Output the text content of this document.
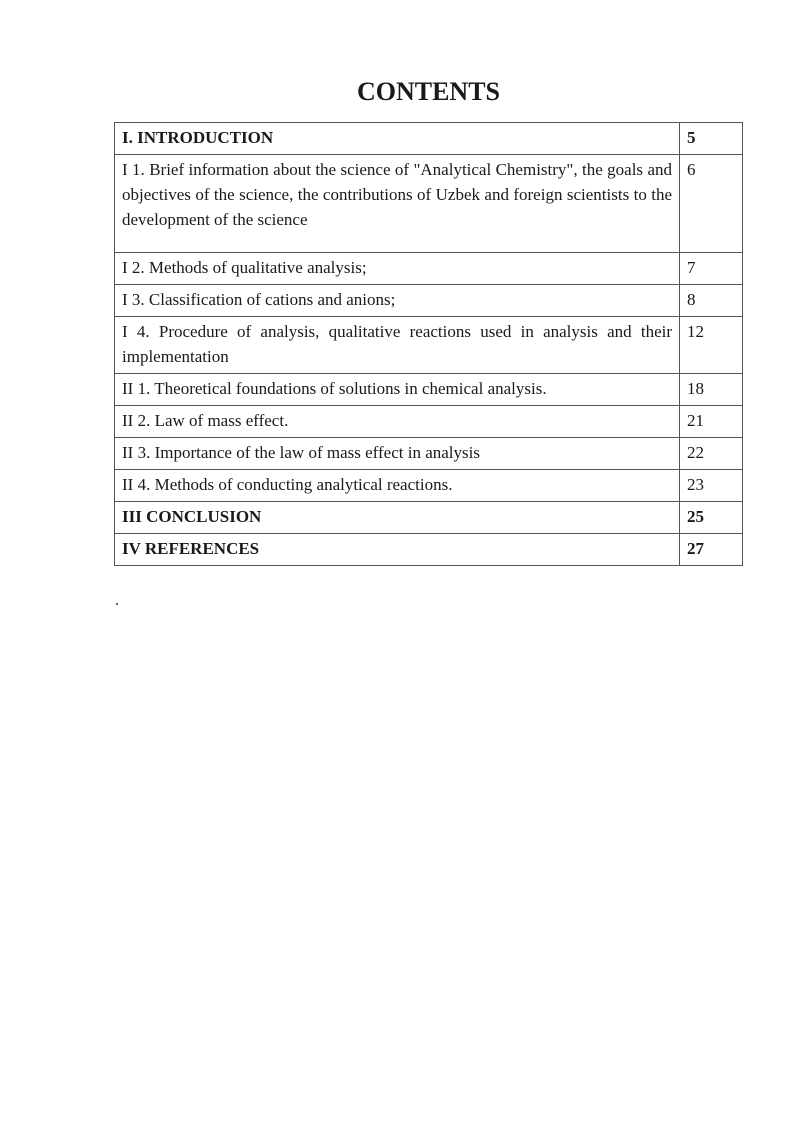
CONTENTS
I. INTRODUCTION	5
I 1. Brief information about the science of "Analytical Chemistry", the goals and objectives of the science, the contributions of Uzbek and foreign scientists to the development of the science	6
I 2. Methods of qualitative analysis;	7
I 3. Classification of cations and anions;	8
I 4. Procedure of analysis, qualitative reactions used in analysis and their implementation	12
II 1. Theoretical foundations of solutions in chemical analysis.	18
II 2. Law of mass effect.	21
II 3. Importance of the law of mass effect in analysis	22
II 4. Methods of conducting analytical reactions.	23
III CONCLUSION	25
IV REFERENCES	27
.
